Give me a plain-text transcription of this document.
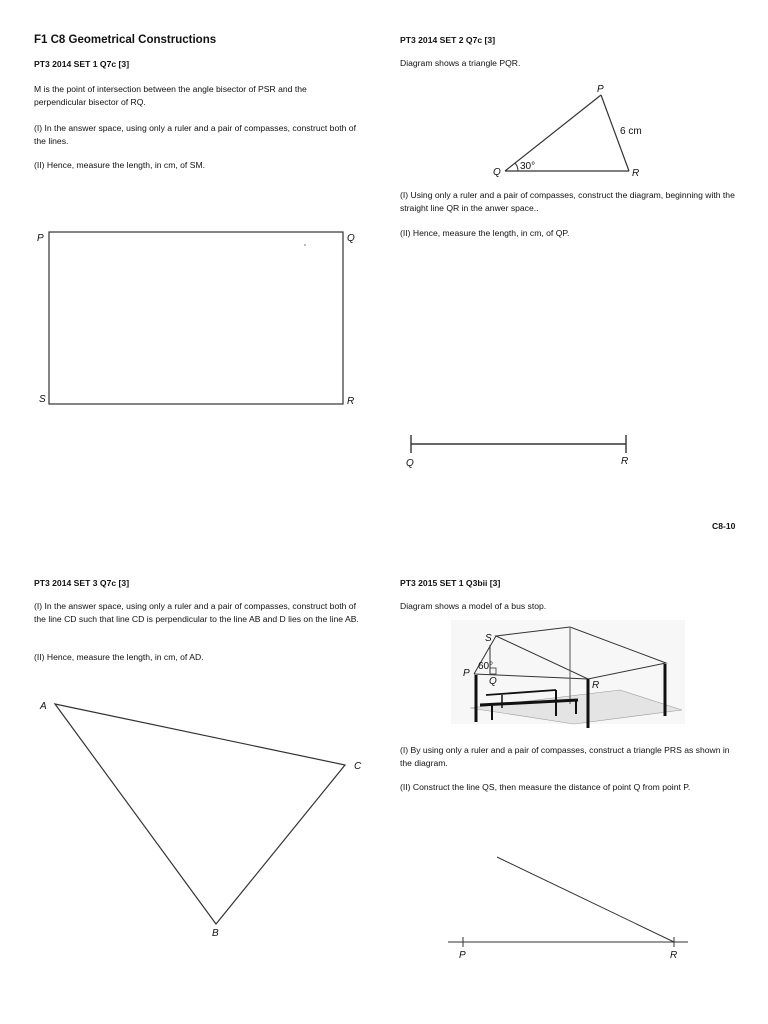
F1 C8 Geometrical Constructions
PT3 2014 SET 1 Q7c [3]
M is the point of intersection between the angle bisector of PSR and the perpendicular bisector of RQ.
(I) In the answer space, using only a ruler and a pair of compasses, construct both of the lines.
(II) Hence, measure the length, in cm, of SM.
PT3 2014 SET 2 Q7c [3]
Diagram shows a triangle PQR.
(I) Using only a ruler and a pair of compasses, construct the diagram, beginning with the straight line QR in the anwer space..
(II) Hence, measure the length, in cm, of QP.
C8-10
PT3 2014 SET 3 Q7c [3]
(I) In the answer space, using only a ruler and a pair of compasses, construct both of the line CD such that line CD is perpendicular to the line AB and D lies on the line AB.
(II) Hence, measure the length, in cm, of AD.
PT3 2015 SET 1 Q3bii [3]
Diagram shows a model of a bus stop.
(I) By using only a ruler and a pair of compasses, construct a triangle PRS as shown in the diagram.
(II) Construct the line QS, then measure the distance of point Q from point P.
P	Q
S	R
P
Q	R
6 cm
30°
Q	R
A
C
B
S
P
Q	R
60°
P	R
